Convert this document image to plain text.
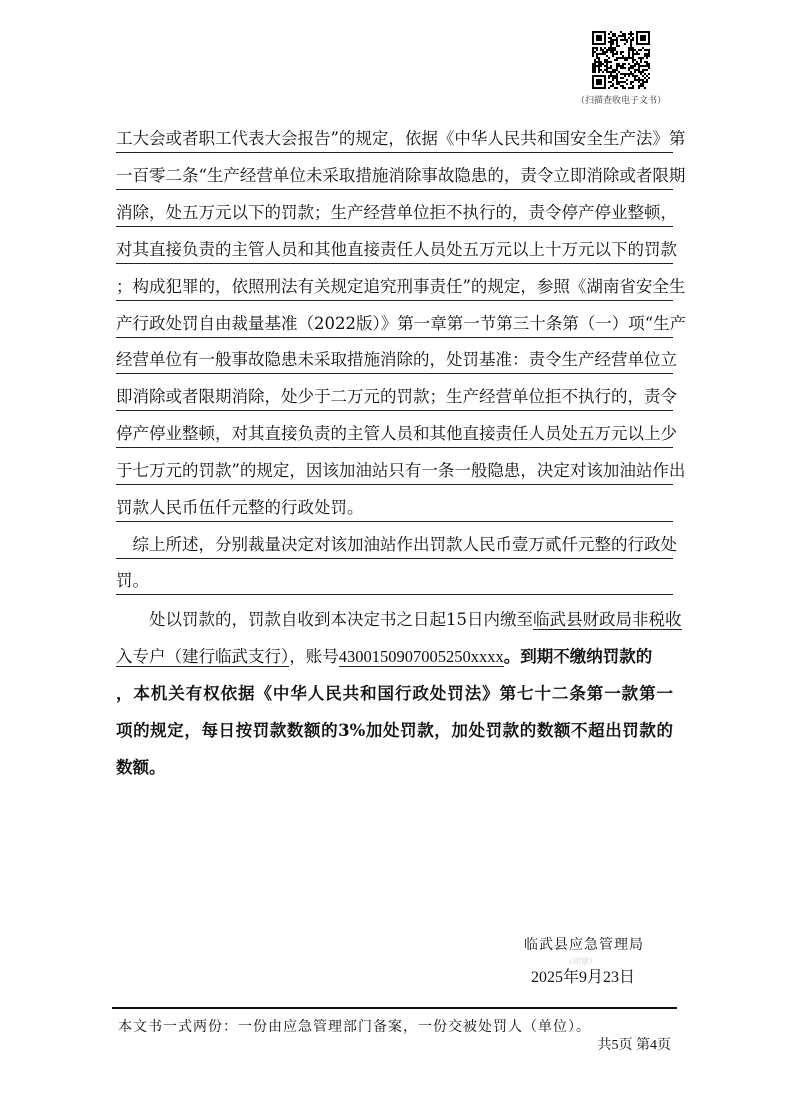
（扫描查收电子文书）
工大会或者职工代表大会报告”的规定，依据《中华人民共和国安全生产法》第
一百零二条“生产经营单位未采取措施消除事故隐患的，责令立即消除或者限期
消除，处五万元以下的罚款；生产经营单位拒不执行的，责令停产停业整顿，
对其直接负责的主管人员和其他直接责任人员处五万元以上十万元以下的罚款
；构成犯罪的，依照刑法有关规定追究刑事责任”的规定，参照《湖南省安全生
产行政处罚自由裁量基准（2022版）》第一章第一节第三十条第（一）项“生产
经营单位有一般事故隐患未采取措施消除的，处罚基准：责令生产经营单位立
即消除或者限期消除，处少于二万元的罚款；生产经营单位拒不执行的，责令
停产停业整顿，对其直接负责的主管人员和其他直接责任人员处五万元以上少
于七万元的罚款”的规定，因该加油站只有一条一般隐患，决定对该加油站作出
罚款人民币伍仟元整的行政处罚。
　综上所述，分别裁量决定对该加油站作出罚款人民币壹万贰仟元整的行政处
罚。
　　处以罚款的，罚款自收到本决定书之日起15日内缴至临武县财政局非税收
入专户（建行临武支行），账号4300150907005250xxxx。到期不缴纳罚款的
，本机关有权依据《中华人民共和国行政处罚法》第七十二条第一款第一
项的规定，每日按罚款数额的3%加处罚款，加处罚款的数额不超出罚款的
数额。
临武县应急管理局
（印章）
2025年9月23日
本文书一式两份：一份由应急管理部门备案，一份交被处罚人（单位）。
共5页 第4页
